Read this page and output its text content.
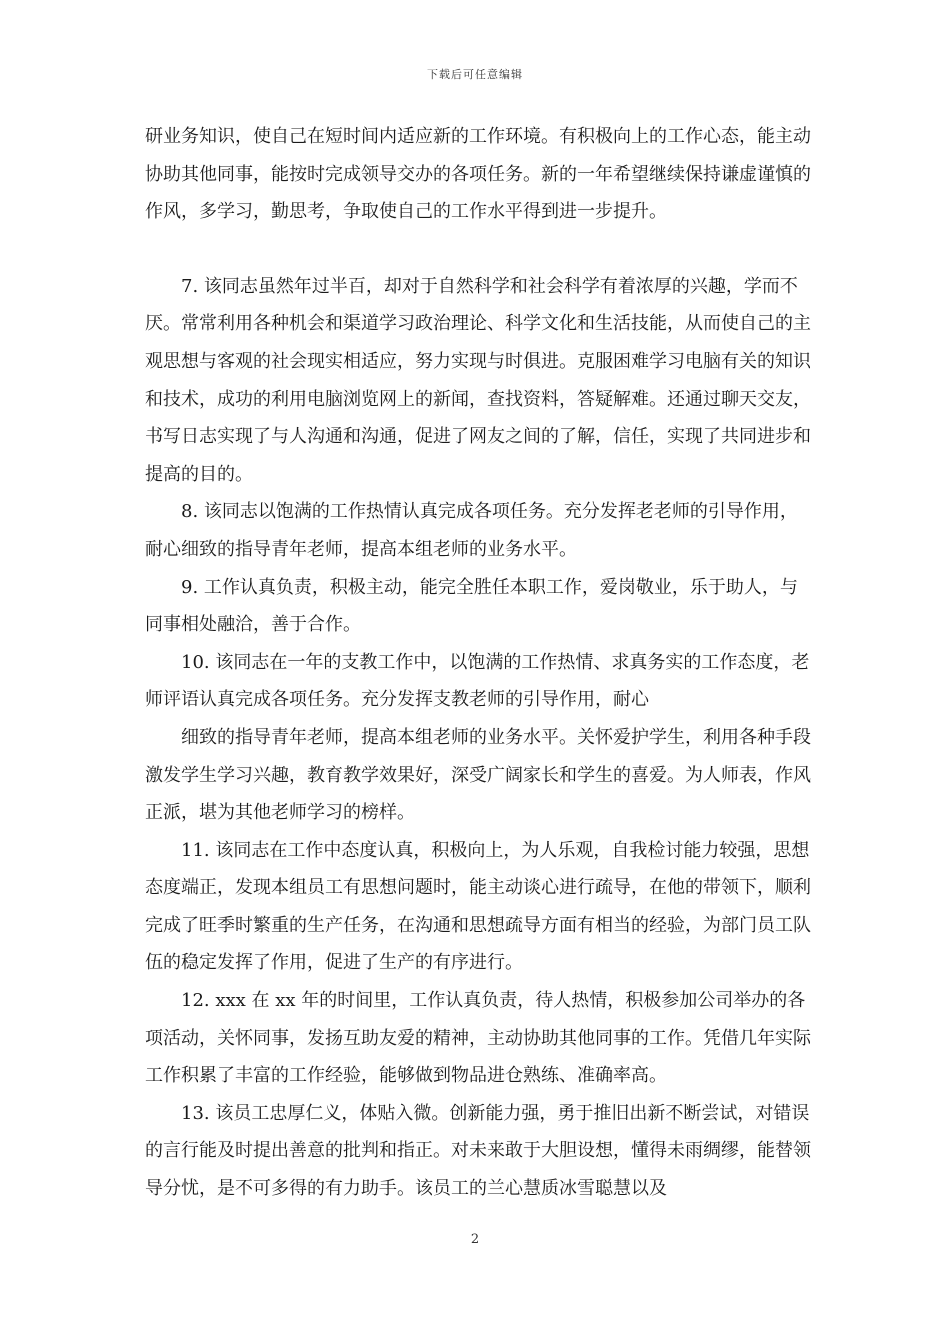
下载后可任意编辑

研业务知识，使自己在短时间内适应新的工作环境。有积极向上的工作心态，能主动协助其他同事，能按时完成领导交办的各项任务。新的一年希望继续保持谦虚谨慎的作风，多学习，勤思考，争取使自己的工作水平得到进一步提升。

7. 该同志虽然年过半百，却对于自然科学和社会科学有着浓厚的兴趣，学而不厌。常常利用各种机会和渠道学习政治理论、科学文化和生活技能，从而使自己的主观思想与客观的社会现实相适应，努力实现与时俱进。克服困难学习电脑有关的知识和技术，成功的利用电脑浏览网上的新闻，查找资料，答疑解难。还通过聊天交友，书写日志实现了与人沟通和沟通，促进了网友之间的了解，信任，实现了共同进步和提高的目的。

8. 该同志以饱满的工作热情认真完成各项任务。充分发挥老老师的引导作用，耐心细致的指导青年老师，提高本组老师的业务水平。

9. 工作认真负责，积极主动，能完全胜任本职工作，爱岗敬业，乐于助人，与同事相处融洽，善于合作。

10. 该同志在一年的支教工作中，以饱满的工作热情、求真务实的工作态度，老师评语认真完成各项任务。充分发挥支教老师的引导作用，耐心

细致的指导青年老师，提高本组老师的业务水平。关怀爱护学生，利用各种手段激发学生学习兴趣，教育教学效果好，深受广阔家长和学生的喜爱。为人师表，作风正派，堪为其他老师学习的榜样。

11. 该同志在工作中态度认真，积极向上，为人乐观，自我检讨能力较强，思想态度端正，发现本组员工有思想问题时，能主动谈心进行疏导，在他的带领下，顺利完成了旺季时繁重的生产任务，在沟通和思想疏导方面有相当的经验，为部门员工队伍的稳定发挥了作用，促进了生产的有序进行。

12. xxx 在 xx 年的时间里，工作认真负责，待人热情，积极参加公司举办的各项活动，关怀同事，发扬互助友爱的精神，主动协助其他同事的工作。凭借几年实际工作积累了丰富的工作经验，能够做到物品进仓熟练、准确率高。

13. 该员工忠厚仁义，体贴入微。创新能力强，勇于推旧出新不断尝试，对错误的言行能及时提出善意的批判和指正。对未来敢于大胆设想，懂得未雨绸缪，能替领导分忧，是不可多得的有力助手。该员工的兰心慧质冰雪聪慧以及

2
